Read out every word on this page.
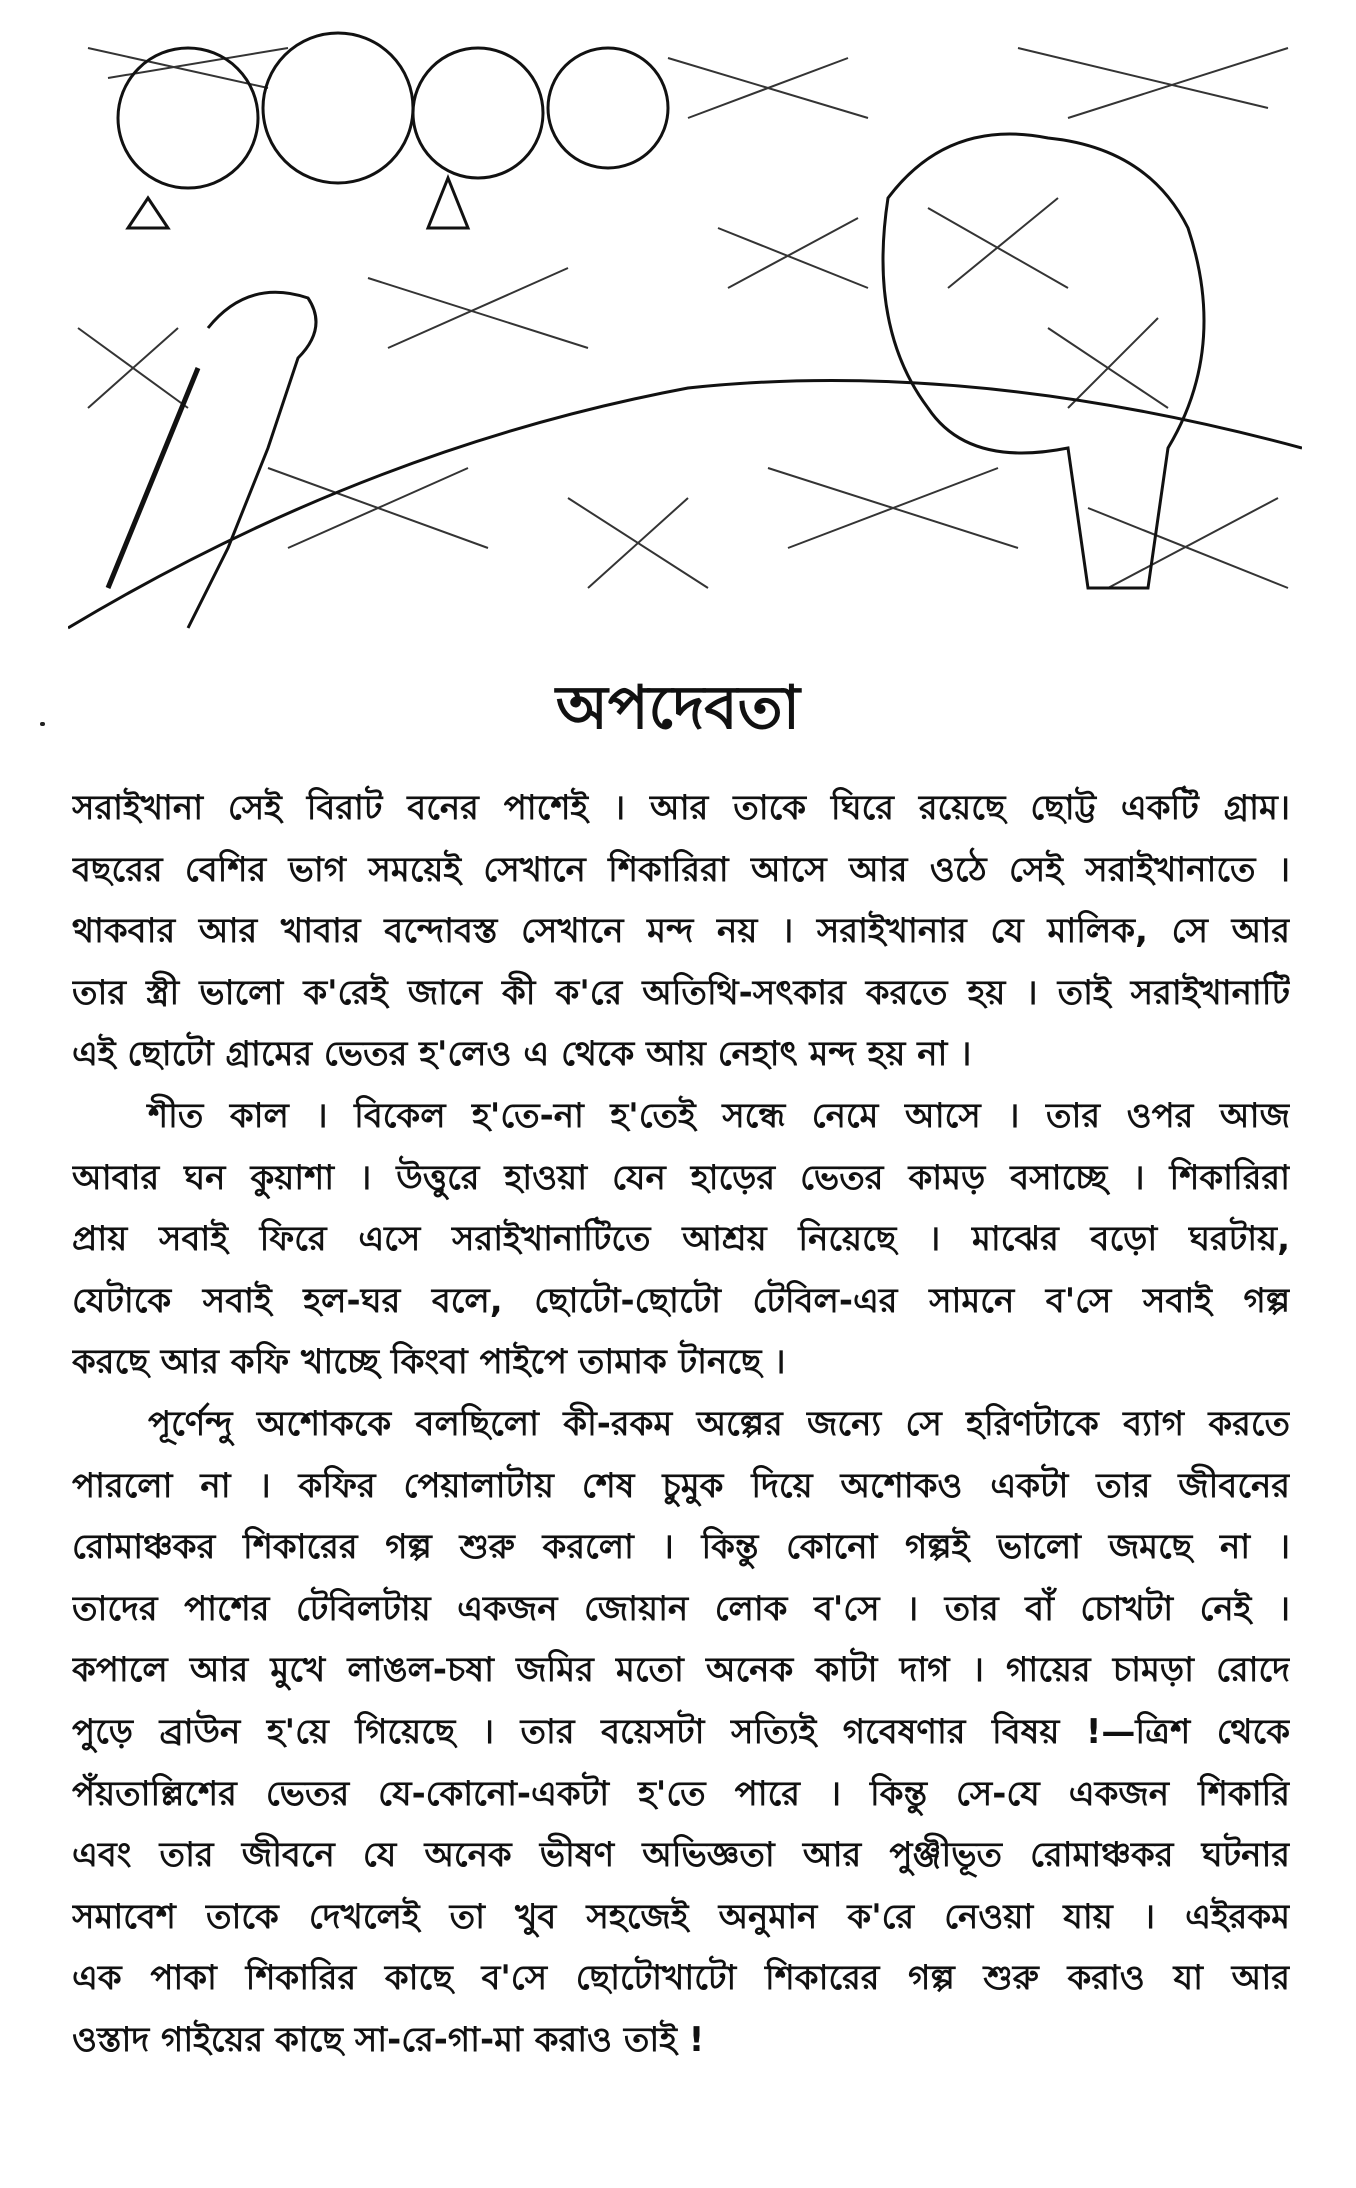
অপদেবতা
সরাইখানা সেই বিরাট বনের পাশেই । আর তাকে ঘিরে রয়েছে ছোট্ট একটি গ্রাম।
বছরের বেশির ভাগ সময়েই সেখানে শিকারিরা আসে আর ওঠে সেই সরাইখানাতে ।
থাকবার আর খাবার বন্দোবস্ত সেখানে মন্দ নয় । সরাইখানার যে মালিক, সে আর
তার স্ত্রী ভালো ক'রেই জানে কী ক'রে অতিথি-সৎকার করতে হয় । তাই সরাইখানাটি
এই ছোটো গ্রামের ভেতর হ'লেও এ থেকে আয় নেহাৎ মন্দ হয় না ।
শীত কাল । বিকেল হ'তে-না হ'তেই সন্ধে নেমে আসে । তার ওপর আজ
আবার ঘন কুয়াশা । উত্তুরে হাওয়া যেন হাড়ের ভেতর কামড় বসাচ্ছে । শিকারিরা
প্রায় সবাই ফিরে এসে সরাইখানাটিতে আশ্রয় নিয়েছে । মাঝের বড়ো ঘরটায়,
যেটাকে সবাই হল-ঘর বলে, ছোটো-ছোটো টেবিল-এর সামনে ব'সে সবাই গল্প
করছে আর কফি খাচ্ছে কিংবা পাইপে তামাক টানছে ।
পূর্ণেন্দু অশোককে বলছিলো কী-রকম অল্পের জন্যে সে হরিণটাকে ব্যাগ করতে
পারলো না । কফির পেয়ালাটায় শেষ চুমুক দিয়ে অশোকও একটা তার জীবনের
রোমাঞ্চকর শিকারের গল্প শুরু করলো । কিন্তু কোনো গল্পই ভালো জমছে না ।
তাদের পাশের টেবিলটায় একজন জোয়ান লোক ব'সে । তার বাঁ চোখটা নেই ।
কপালে আর মুখে লাঙল-চষা জমির মতো অনেক কাটা দাগ । গায়ের চামড়া রোদে
পুড়ে ব্রাউন হ'য়ে গিয়েছে । তার বয়েসটা সত্যিই গবেষণার বিষয় !—ত্রিশ থেকে
পঁয়তাল্লিশের ভেতর যে-কোনো-একটা হ'তে পারে । কিন্তু সে-যে একজন শিকারি
এবং তার জীবনে যে অনেক ভীষণ অভিজ্ঞতা আর পুঞ্জীভূত রোমাঞ্চকর ঘটনার
সমাবেশ তাকে দেখলেই তা খুব সহজেই অনুমান ক'রে নেওয়া যায় । এইরকম
এক পাকা শিকারির কাছে ব'সে ছোটোখাটো শিকারের গল্প শুরু করাও যা আর
ওস্তাদ গাইয়ের কাছে সা-রে-গা-মা করাও তাই !
